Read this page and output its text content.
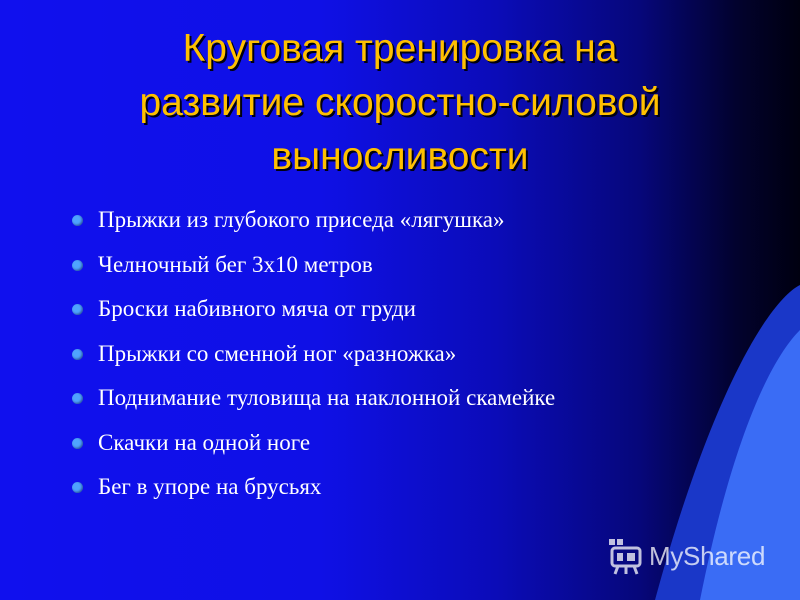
Круговая тренировка на
развитие скоростно-силовой
выносливости
Прыжки из глубокого приседа «лягушка»
Челночный бег 3х10 метров
Броски набивного мяча от груди
Прыжки со сменной ног «разножка»
Поднимание туловища на наклонной скамейке
Скачки на одной ноге
Бег в упоре на брусьях
MyShared
